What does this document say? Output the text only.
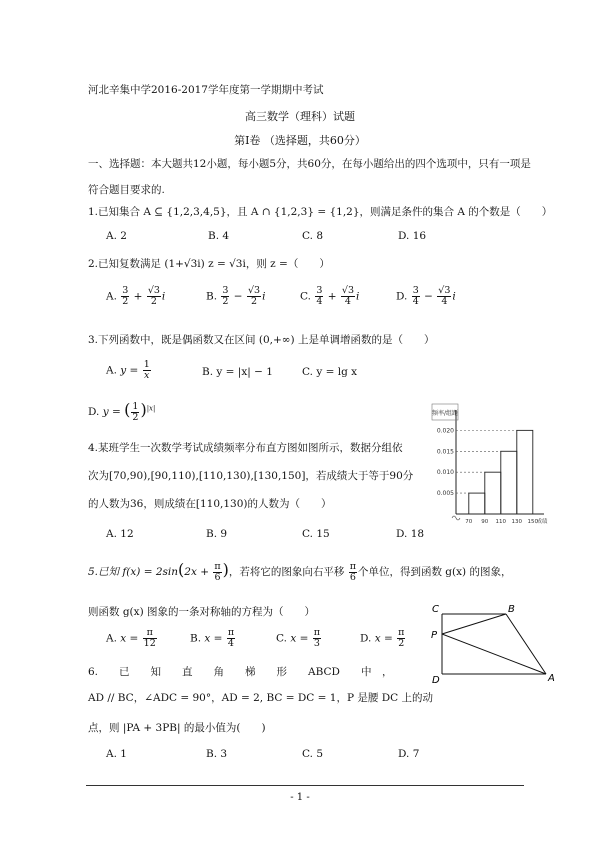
河北辛集中学2016-2017学年度第一学期期中考试
高三数学（理科）试题
第Ⅰ卷 （选择题，共60分）
一、选择题：本大题共12小题，每小题5分，共60分，在每小题给出的四个选项中，只有一项是
符合题目要求的.
1.已知集合 A ⊆ {1,2,3,4,5}，且 A ∩ {1,2,3} = {1,2}，则满足条件的集合 A 的个数是（　　）
A. 2	B. 4	C. 8	D. 16
2.已知复数满足 (1+√3i) z = √3i，则 z =（　　）
A. $\frac{3}{2} + \frac{√3}{2}$ i	B. $\frac{3}{2} - \frac{√3}{2}$ i	C. $\frac{3}{4} + \frac{√3}{4}$ i	D. $\frac{3}{4} - \frac{√3}{4}$ i
3.下列函数中，既是偶函数又在区间 (0,+∞) 上是单调增函数的是（　　）
A. $y = \frac{1}{x}$	B. y = |x| − 1	C. y = lg x
D. y = ( $\frac{1}{2} )^{|x|}$
4.某班学生一次数学考试成绩频率分布直方图如图所示，数据分组依
次为[70,90),[90,110),[110,130),[130,150]，若成绩大于等于90分
的人数为36，则成绩在[110,130)的人数为（　　）
A. 12	B. 9	C. 15	D. 18
频率/组距
0.020
0.015
0.010
0.005
70 90 110 130 150
成绩
5.已知 $f(x) = 2\sin(2x + \frac{\pi}{6}$ )，若将它的图象向右平移 $\frac{\pi}{6}$ 个单位，得到函数 g(x) 的图象，
则函数 g(x) 图象的一条对称轴的方程为（　　）
A. $x = \frac{\pi}{12}$	B. $x = \frac{\pi}{4}$	C. $x = \frac{\pi}{3}$	D. $x = \frac{\pi}{2}$
C	B
P
D	A
6.　　已　　知　　直　　角　　梯　　形　　ABCD　　中　，
AD // BC，∠ADC = 90°，AD = 2, BC = DC = 1，P 是腰 DC 上的动
点，则 |PA + 3PB| 的最小值为(　　)
A. 1	B. 3	C. 5	D. 7
- 1 -
